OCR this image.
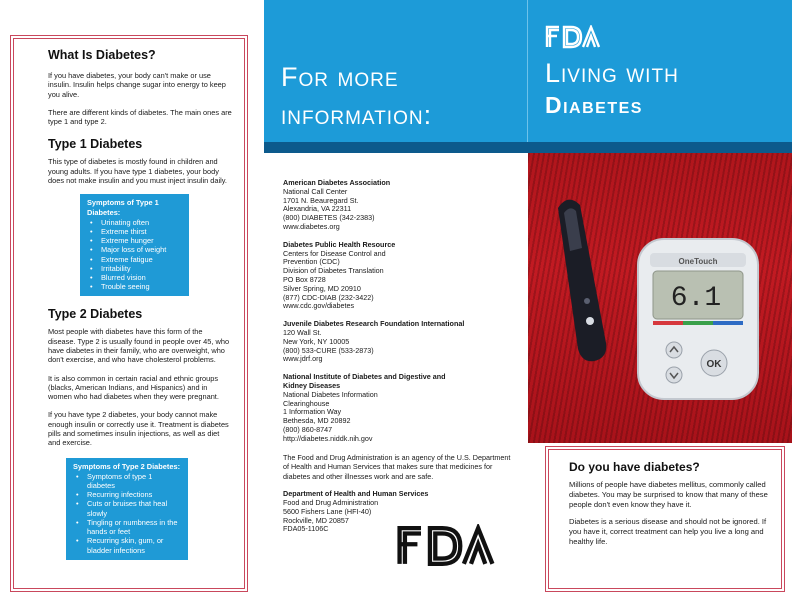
What Is Diabetes?

If you have diabetes, your body can't make or use insulin. Insulin helps change sugar into energy to keep you alive.

There are different kinds of diabetes. The main ones are type 1 and type 2.

Type 1 Diabetes

This type of diabetes is mostly found in children and young adults. If you have type 1 diabetes, your body does not make insulin and you must inject insulin daily.

Symptoms of Type 1 Diabetes:
• Urinating often
• Extreme thirst
• Extreme hunger
• Major loss of weight
• Extreme fatigue
• Irritability
• Blurred vision
• Trouble seeing
Type 2 Diabetes

Most people with diabetes have this form of the disease. Type 2 is usually found in people over 45, who have diabetes in their family, who are overweight, who don't exercise, and who have cholesterol problems.

It is also common in certain racial and ethnic groups (blacks, American Indians, and Hispanics) and in women who had diabetes when they were pregnant.

If you have type 2 diabetes, your body cannot make enough insulin or correctly use it. Treatment is diabetes pills and sometimes insulin injections, as well as diet and exercise.

Symptoms of Type 2 Diabetes:
• Symptoms of type 1 diabetes
• Recurring infections
• Cuts or bruises that heal slowly
• Tingling or numbness in the hands or feet
• Recurring skin, gum, or bladder infections
For more
information:
Living with
Diabetes
American Diabetes Association
National Call Center
1701 N. Beauregard St.
Alexandria, VA 22311
(800) DIABETES (342-2383)
www.diabetes.org
Diabetes Public Health Resource
Centers for Disease Control and
Prevention (CDC)
Division of Diabetes Translation
PO Box 8728
Silver Spring, MD 20910
(877) CDC-DIAB (232-3422)
www.cdc.gov/diabetes
Juvenile Diabetes Research Foundation International
120 Wall St.
New York, NY 10005
(800) 533-CURE (533-2873)
www.jdrf.org
National Institute of Diabetes and Digestive and Kidney Diseases
National Diabetes Information
Clearinghouse
1 Information Way
Bethesda, MD 20892
(800) 860-8747
http://diabetes.niddk.nih.gov
The Food and Drug Administration is an agency of the U.S. Department of Health and Human Services that makes sure that medicines for diabetes and other illnesses work and are safe.
Department of Health and Human Services
Food and Drug Administration
5600 Fishers Lane (HFI-40)
Rockville, MD 20857
FDA05-1106C
OneTouch
6.1
OK
Do you have diabetes?

Millions of people have diabetes mellitus, commonly called diabetes. You may be surprised to know that many of these people don't even know they have it.

Diabetes is a serious disease and should not be ignored. If you have it, correct treatment can help you live a long and healthy life.
